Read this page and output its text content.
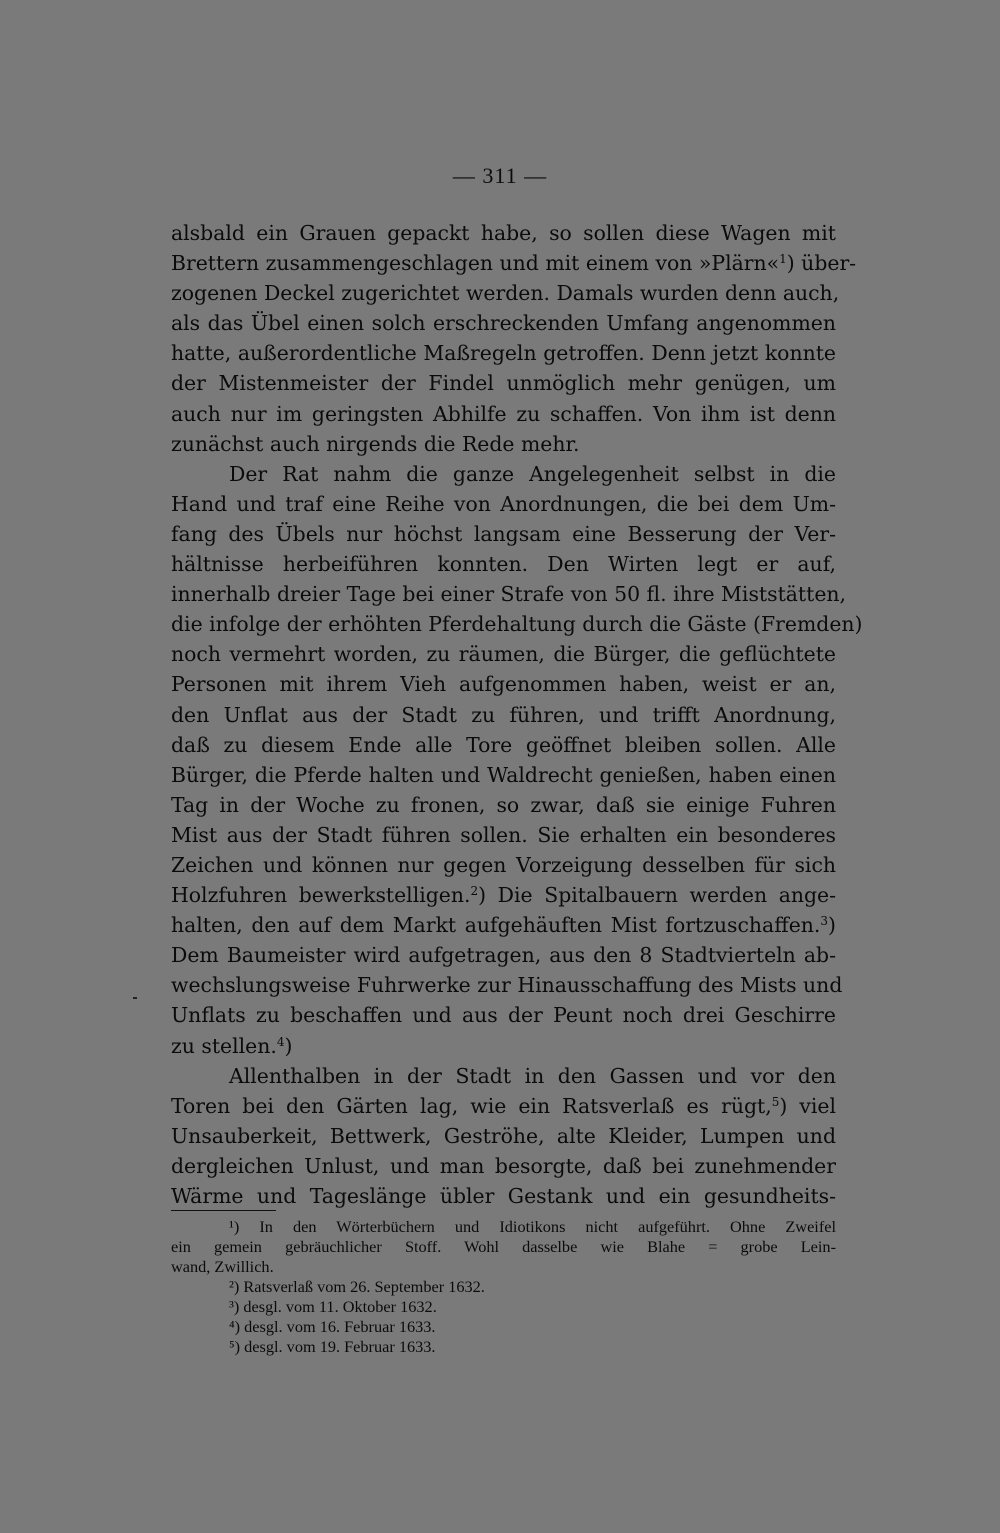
— 311 —
alsbald ein Grauen gepackt habe, so sollen diese Wagen mit
Brettern zusammengeschlagen und mit einem von »Plärn«$^1$) über-
zogenen Deckel zugerichtet werden. Damals wurden denn auch,
als das Übel einen solch erschreckenden Umfang angenommen
hatte, außerordentliche Maßregeln getroffen. Denn jetzt konnte
der Mistenmeister der Findel unmöglich mehr genügen, um
auch nur im geringsten Abhilfe zu schaffen. Von ihm ist denn
zunächst auch nirgends die Rede mehr.
Der Rat nahm die ganze Angelegenheit selbst in die
Hand und traf eine Reihe von Anordnungen, die bei dem Um-
fang des Übels nur höchst langsam eine Besserung der Ver-
hältnisse herbeiführen konnten. Den Wirten legt er auf,
innerhalb dreier Tage bei einer Strafe von 50 fl. ihre Miststätten,
die infolge der erhöhten Pferdehaltung durch die Gäste (Fremden)
noch vermehrt worden, zu räumen, die Bürger, die geflüchtete
Personen mit ihrem Vieh aufgenommen haben, weist er an,
den Unflat aus der Stadt zu führen, und trifft Anordnung,
daß zu diesem Ende alle Tore geöffnet bleiben sollen. Alle
Bürger, die Pferde halten und Waldrecht genießen, haben einen
Tag in der Woche zu fronen, so zwar, daß sie einige Fuhren
Mist aus der Stadt führen sollen. Sie erhalten ein besonderes
Zeichen und können nur gegen Vorzeigung desselben für sich
Holzfuhren bewerkstelligen.$^2$) Die Spitalbauern werden ange-
halten, den auf dem Markt aufgehäuften Mist fortzuschaffen.$^3$)
Dem Baumeister wird aufgetragen, aus den 8 Stadtvierteln ab-
wechslungsweise Fuhrwerke zur Hinausschaffung des Mists und
Unflats zu beschaffen und aus der Peunt noch drei Geschirre
zu stellen.$^4$)
Allenthalben in der Stadt in den Gassen und vor den
Toren bei den Gärten lag, wie ein Ratsverlaß es rügt,$^5$) viel
Unsauberkeit, Bettwerk, Geströhe, alte Kleider, Lumpen und
dergleichen Unlust, und man besorgte, daß bei zunehmender
Wärme und Tageslänge übler Gestank und ein gesundheits-
¹) In den Wörterbüchern und Idiotikons nicht aufgeführt. Ohne Zweifel
ein gemein gebräuchlicher Stoff. Wohl dasselbe wie Blahe = grobe Lein-
wand, Zwillich.
²) Ratsverlaß vom 26. September 1632.
³) desgl. vom 11. Oktober 1632.
⁴) desgl. vom 16. Februar 1633.
⁵) desgl. vom 19. Februar 1633.
